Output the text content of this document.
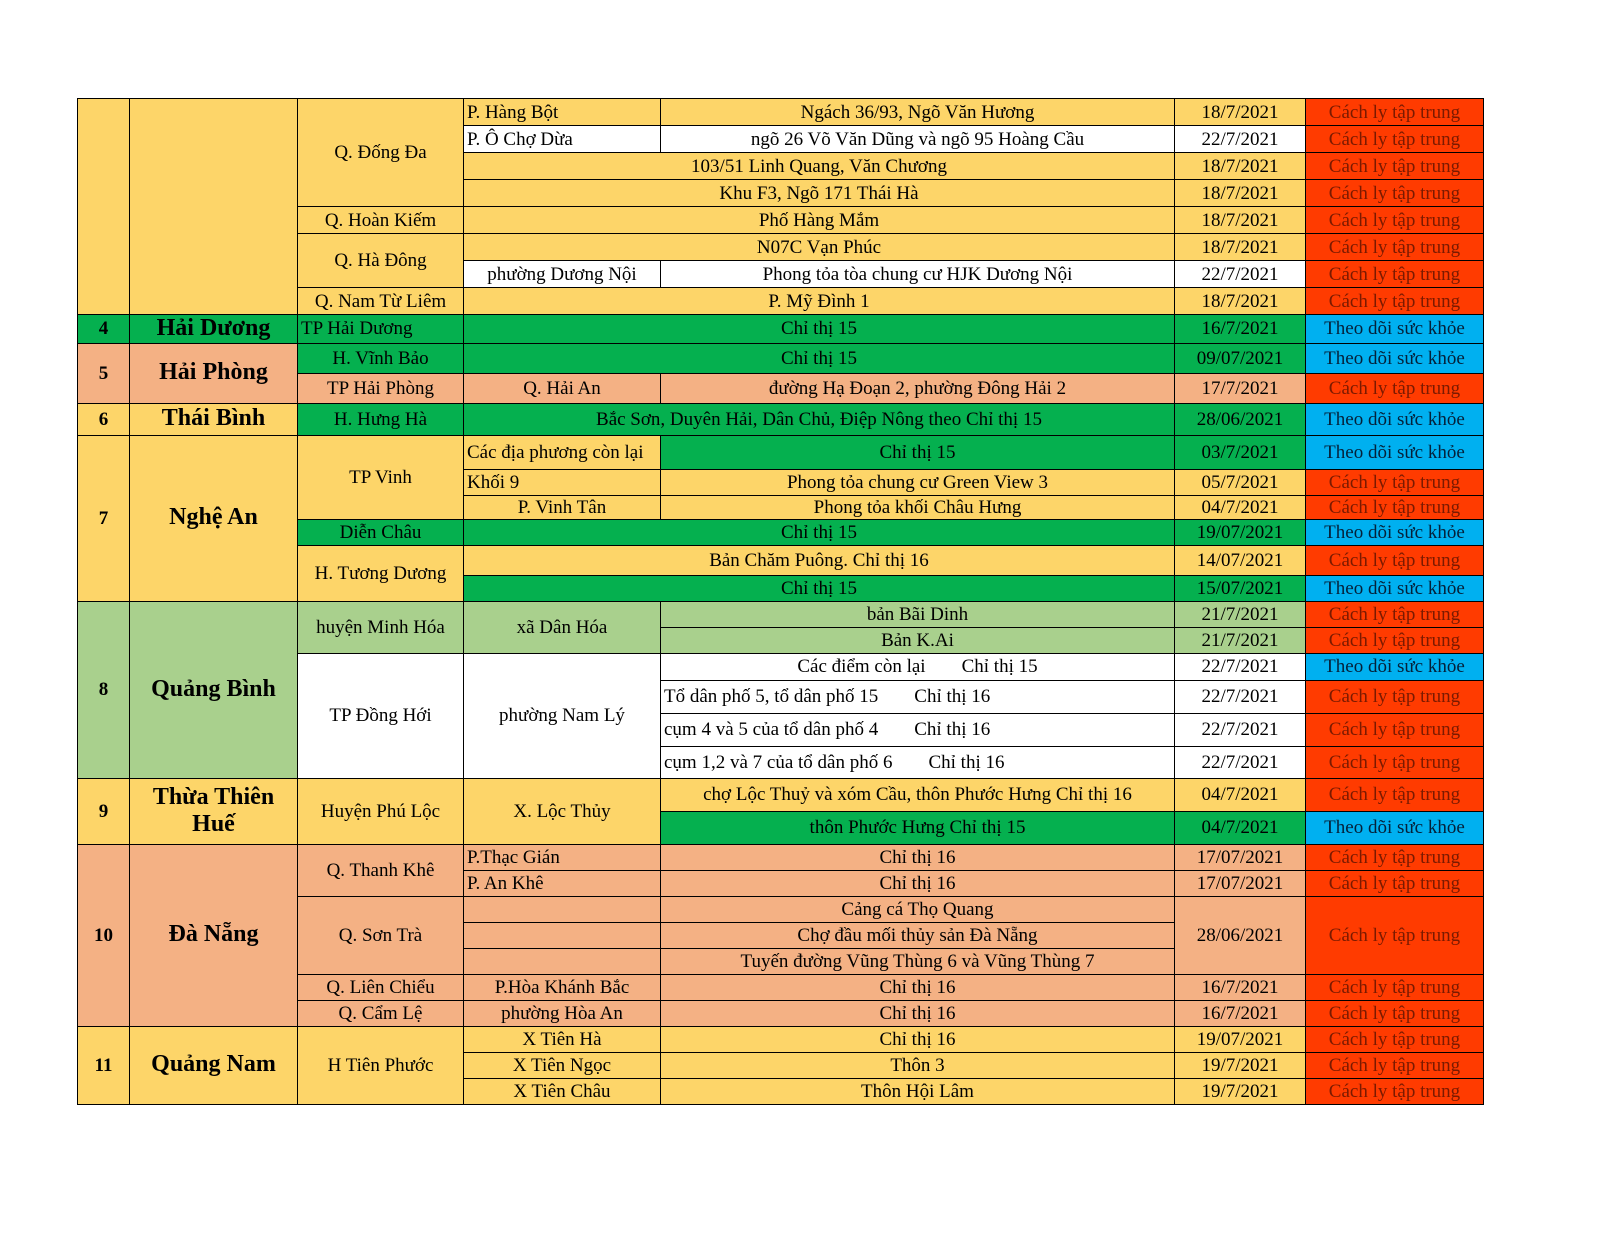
		Q. Đống Đa	P. Hàng Bột	Ngách 36/93, Ngõ Văn Hương	18/7/2021	Cách ly tập trung
			P. Ô Chợ Dừa	ngõ 26 Võ Văn Dũng và ngõ 95 Hoàng Cầu	22/7/2021	Cách ly tập trung
			103/51 Linh Quang, Văn Chương		18/7/2021	Cách ly tập trung
			Khu F3, Ngõ 171 Thái Hà		18/7/2021	Cách ly tập trung
		Q. Hoàn Kiếm	Phố Hàng Mắm		18/7/2021	Cách ly tập trung
		Q. Hà Đông	N07C Vạn Phúc		18/7/2021	Cách ly tập trung
			phường Dương Nội	Phong tỏa tòa chung cư HJK Dương Nội	22/7/2021	Cách ly tập trung
		Q. Nam Từ Liêm	P. Mỹ Đình 1		18/7/2021	Cách ly tập trung
4	Hải Dương	TP Hải Dương	Chỉ thị 15		16/7/2021	Theo dõi sức khỏe
5	Hải Phòng	H. Vĩnh Bảo	Chỉ thị 15		09/07/2021	Theo dõi sức khỏe
		TP Hải Phòng	Q. Hải An	đường Hạ Đoạn 2, phường Đông Hải 2	17/7/2021	Cách ly tập trung
6	Thái Bình	H. Hưng Hà	Bắc Sơn, Duyên Hải, Dân Chủ, Điệp Nông theo Chỉ thị 15		28/06/2021	Theo dõi sức khỏe
7	Nghệ An	TP Vinh	Các địa phương còn lại	Chỉ thị 15	03/7/2021	Theo dõi sức khỏe
			Khối 9	Phong tỏa chung cư Green View 3	05/7/2021	Cách ly tập trung
			P. Vinh Tân	Phong tỏa khối Châu Hưng	04/7/2021	Cách ly tập trung
		Diễn Châu	Chỉ thị 15		19/07/2021	Theo dõi sức khỏe
		H. Tương Dương	Bản Chăm Puông. Chỉ thị 16		14/07/2021	Cách ly tập trung
			Chỉ thị 15		15/07/2021	Theo dõi sức khỏe
8	Quảng Bình	huyện Minh Hóa	xã Dân Hóa	bản Bãi Dinh	21/7/2021	Cách ly tập trung
				Bản K.Ai	21/7/2021	Cách ly tập trung
		TP Đồng Hới	phường Nam Lý	Các điểm còn lại Chỉ thị 15	22/7/2021	Theo dõi sức khỏe
				Tổ dân phố 5, tổ dân phố 15 Chỉ thị 16	22/7/2021	Cách ly tập trung
				cụm 4 và 5 của tổ dân phố 4 Chỉ thị 16	22/7/2021	Cách ly tập trung
				cụm 1,2 và 7 của tổ dân phố 6 Chỉ thị 16	22/7/2021	Cách ly tập trung
9	Thừa Thiên Huế	Huyện Phú Lộc	X. Lộc Thủy	chợ Lộc Thuỷ và xóm Cầu, thôn Phước Hưng Chỉ thị 16	04/7/2021	Cách ly tập trung
				thôn Phước Hưng Chỉ thị 15	04/7/2021	Theo dõi sức khỏe
10	Đà Nẵng	Q. Thanh Khê	P.Thạc Gián	Chỉ thị 16	17/07/2021	Cách ly tập trung
			P. An Khê	Chỉ thị 16	17/07/2021	Cách ly tập trung
		Q. Sơn Trà		Cảng cá Thọ Quang	28/06/2021	Cách ly tập trung
				Chợ đầu mối thủy sản Đà Nẵng		
				Tuyến đường Vũng Thùng 6 và Vũng Thùng 7		
		Q. Liên Chiểu	P.Hòa Khánh Bắc	Chỉ thị 16	16/7/2021	Cách ly tập trung
		Q. Cẩm Lệ	phường Hòa An	Chỉ thị 16	16/7/2021	Cách ly tập trung
11	Quảng Nam	H Tiên Phước	X Tiên Hà	Chỉ thị 16	19/07/2021	Cách ly tập trung
			X Tiên Ngọc	Thôn 3	19/7/2021	Cách ly tập trung
			X Tiên Châu	Thôn Hội Lâm	19/7/2021	Cách ly tập trung
